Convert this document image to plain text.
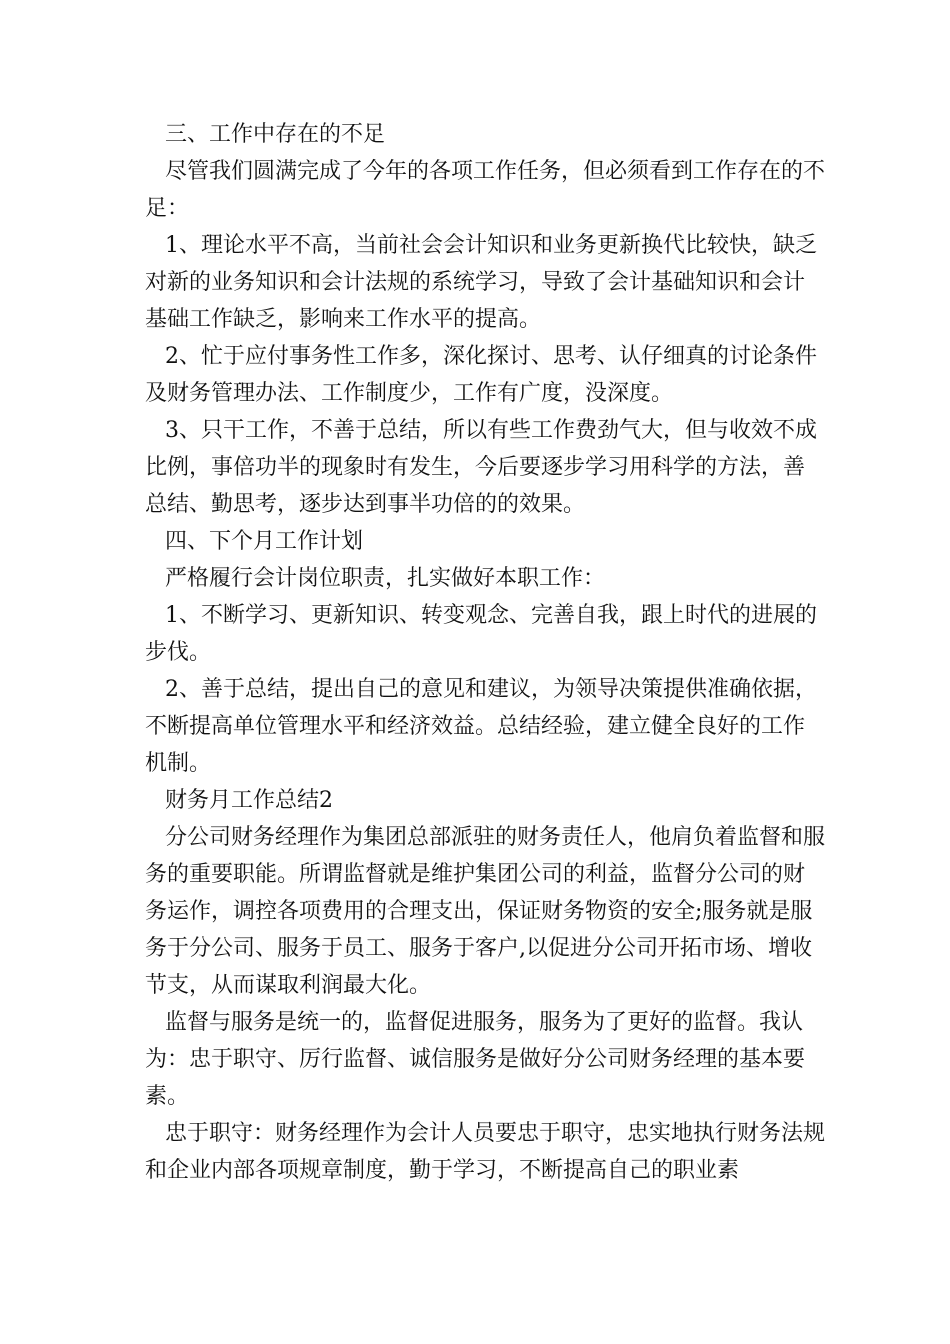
三、工作中存在的不足

尽管我们圆满完成了今年的各项工作任务，但必须看到工作存在的不足：

1、理论水平不高，当前社会会计知识和业务更新换代比较快，缺乏对新的业务知识和会计法规的系统学习，导致了会计基础知识和会计基础工作缺乏，影响来工作水平的提高。

2、忙于应付事务性工作多，深化探讨、思考、认仔细真的讨论条件及财务管理办法、工作制度少，工作有广度，没深度。

3、只干工作，不善于总结，所以有些工作费劲气大，但与收效不成比例，事倍功半的现象时有发生，今后要逐步学习用科学的方法，善总结、勤思考，逐步达到事半功倍的的效果。

四、下个月工作计划

严格履行会计岗位职责，扎实做好本职工作：

1、不断学习、更新知识、转变观念、完善自我，跟上时代的进展的步伐。

2、善于总结，提出自己的意见和建议，为领导决策提供准确依据，不断提高单位管理水平和经济效益。总结经验，建立健全良好的工作机制。

财务月工作总结2

分公司财务经理作为集团总部派驻的财务责任人，他肩负着监督和服务的重要职能。所谓监督就是维护集团公司的利益，监督分公司的财务运作，调控各项费用的合理支出，保证财务物资的安全;服务就是服务于分公司、服务于员工、服务于客户,以促进分公司开拓市场、增收节支，从而谋取利润最大化。

监督与服务是统一的，监督促进服务，服务为了更好的监督。我认为：忠于职守、厉行监督、诚信服务是做好分公司财务经理的基本要素。

忠于职守：财务经理作为会计人员要忠于职守，忠实地执行财务法规和企业内部各项规章制度，勤于学习，不断提高自己的职业素
